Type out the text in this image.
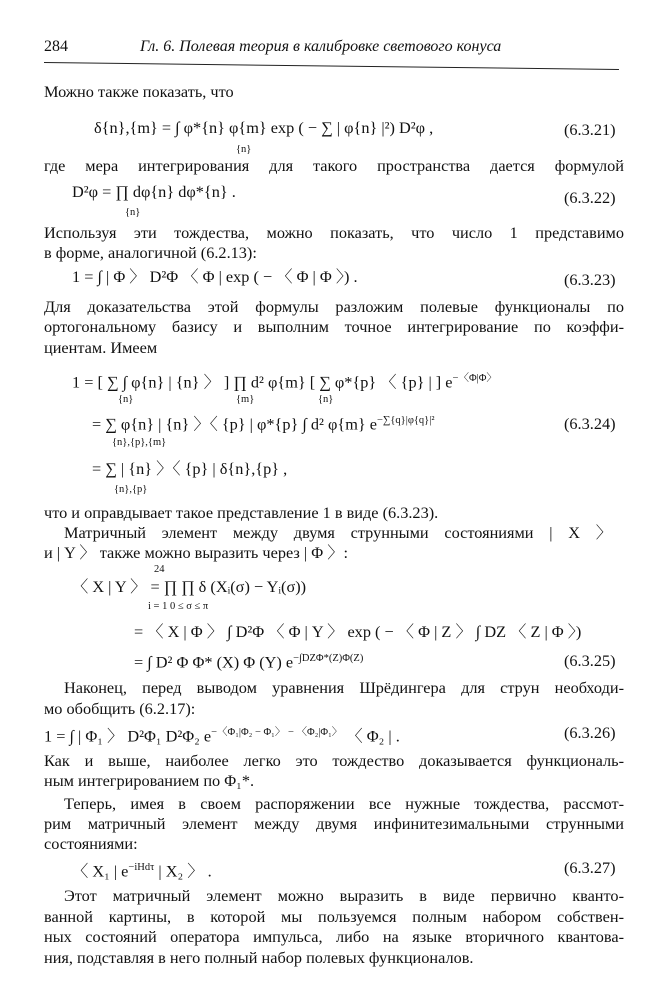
284	Гл. 6. Полевая теория в калибровке светового конуса
Можно также показать, что
δ{n},{m} = ∫ φ*{n} φ{m} exp ( − ∑ | φ{n} |²) D²φ ,
{n}
(6.3.21)
где мера интегрирования для такого пространства дается формулой
D²φ = ∏ dφ{n} dφ*{n} .
{n}
(6.3.22)
Используя эти тождества, можно показать, что число 1 представимо
в форме, аналогичной (6.2.13):
1 = ∫ | Φ 〉 D²Φ 〈 Φ | exp ( − 〈 Φ | Φ 〉) .	(6.3.23)
Для доказательства этой формулы разложим полевые функционалы по
ортогональному базису и выполним точное интегрирование по коэффи-
циентам. Имеем
1 = [ ∑ ∫ φ{n} | {n} 〉 ] ∏ d² φ{m} [ ∑ φ*{p} 〈 {p} | ] $e^{-〈\Phi|\Phi〉}$
{n}	{m}	{n}
= ∑ φ{n} | {n} 〉〈 {p} | φ*{p} ∫ d² φ{m} $e^{-\sum\{q\}|\varphi\{q\}|^2}$
{n},{p},{m}
(6.3.24)
= ∑ | {n} 〉〈 {p} | δ{n},{p} ,
{n},{p}
что и оправдывает такое представление 1 в виде (6.3.23).
Матричный элемент между двумя струнными состояниями | X 〉
и | Y 〉 также можно выразить через | Φ 〉:
24
〈 X | Y 〉 = ∏ ∏ δ (Xᵢ(σ) − Yᵢ(σ))
i = 1 0 ≤ σ ≤ π
= 〈 X | Φ 〉 ∫ D²Φ 〈 Φ | Y 〉 exp ( − 〈 Φ | Z 〉 ∫ DZ 〈 Z | Φ 〉)
= ∫ D² Φ Φ* (X) Φ (Y) $e^{-\int DZ\Phi*(Z)\Phi(Z)}$	(6.3.25)
Наконец, перед выводом уравнения Шрёдингера для струн необходи-
мо обобщить (6.2.17):
1 = ∫ | Φ₁ 〉 D²Φ₁ D²Φ₂ $e^{-〈\Phi_1|\Phi_2 - \Phi_1〉 - 〈\Phi_2|\Phi_1〉}$ 〈 Φ₂ | .	(6.3.26)
Как и выше, наиболее легко это тождество доказывается функциональ-
ным интегрированием по Φ₁*.
Теперь, имея в своем распоряжении все нужные тождества, рассмот-
рим матричный элемент между двумя инфинитезимальными струнными
состояниями:
〈 X₁ | $e^{-iHd\tau}$ | X₂ 〉 .	(6.3.27)
Этот матричный элемент можно выразить в виде первично кванто-
ванной картины, в которой мы пользуемся полным набором собствен-
ных состояний оператора импульса, либо на языке вторичного квантова-
ния, подставляя в него полный набор полевых функционалов.
